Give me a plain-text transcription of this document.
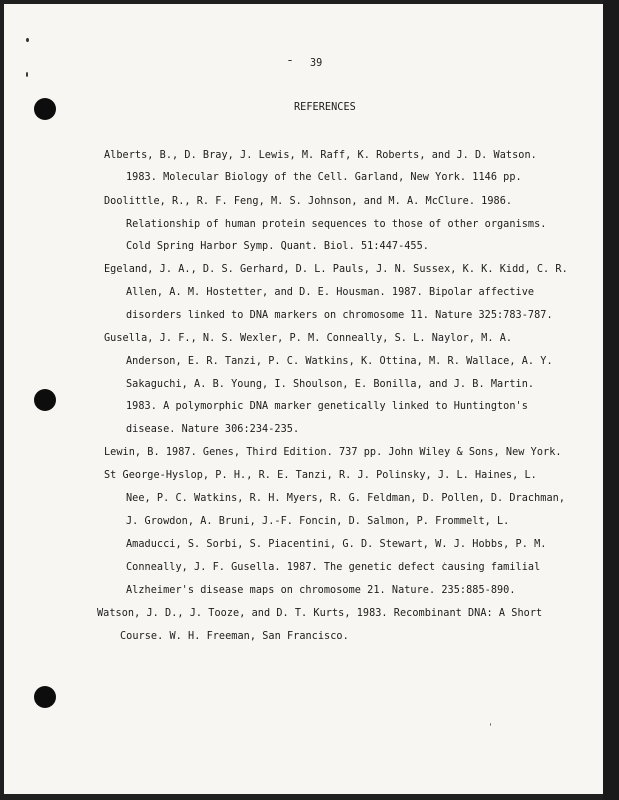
39
REFERENCES
Alberts, B., D. Bray, J. Lewis, M. Raff, K. Roberts, and J. D. Watson.
1983. Molecular Biology of the Cell. Garland, New York. 1146 pp.
Doolittle, R., R. F. Feng, M. S. Johnson, and M. A. McClure. 1986.
Relationship of human protein sequences to those of other organisms.
Cold Spring Harbor Symp. Quant. Biol. 51:447-455.
Egeland, J. A., D. S. Gerhard, D. L. Pauls, J. N. Sussex, K. K. Kidd, C. R.
Allen, A. M. Hostetter, and D. E. Housman. 1987. Bipolar affective
disorders linked to DNA markers on chromosome 11. Nature 325:783-787.
Gusella, J. F., N. S. Wexler, P. M. Conneally, S. L. Naylor, M. A.
Anderson, E. R. Tanzi, P. C. Watkins, K. Ottina, M. R. Wallace, A. Y.
Sakaguchi, A. B. Young, I. Shoulson, E. Bonilla, and J. B. Martin.
1983. A polymorphic DNA marker genetically linked to Huntington's
disease. Nature 306:234-235.
Lewin, B. 1987. Genes, Third Edition. 737 pp. John Wiley & Sons, New York.
St George-Hyslop, P. H., R. E. Tanzi, R. J. Polinsky, J. L. Haines, L.
Nee, P. C. Watkins, R. H. Myers, R. G. Feldman, D. Pollen, D. Drachman,
J. Growdon, A. Bruni, J.-F. Foncin, D. Salmon, P. Frommelt, L.
Amaducci, S. Sorbi, S. Piacentini, G. D. Stewart, W. J. Hobbs, P. M.
Conneally, J. F. Gusella. 1987. The genetic defect causing familial
Alzheimer's disease maps on chromosome 21. Nature. 235:885-890.
Watson, J. D., J. Tooze, and D. T. Kurts, 1983. Recombinant DNA: A Short
Course. W. H. Freeman, San Francisco.
